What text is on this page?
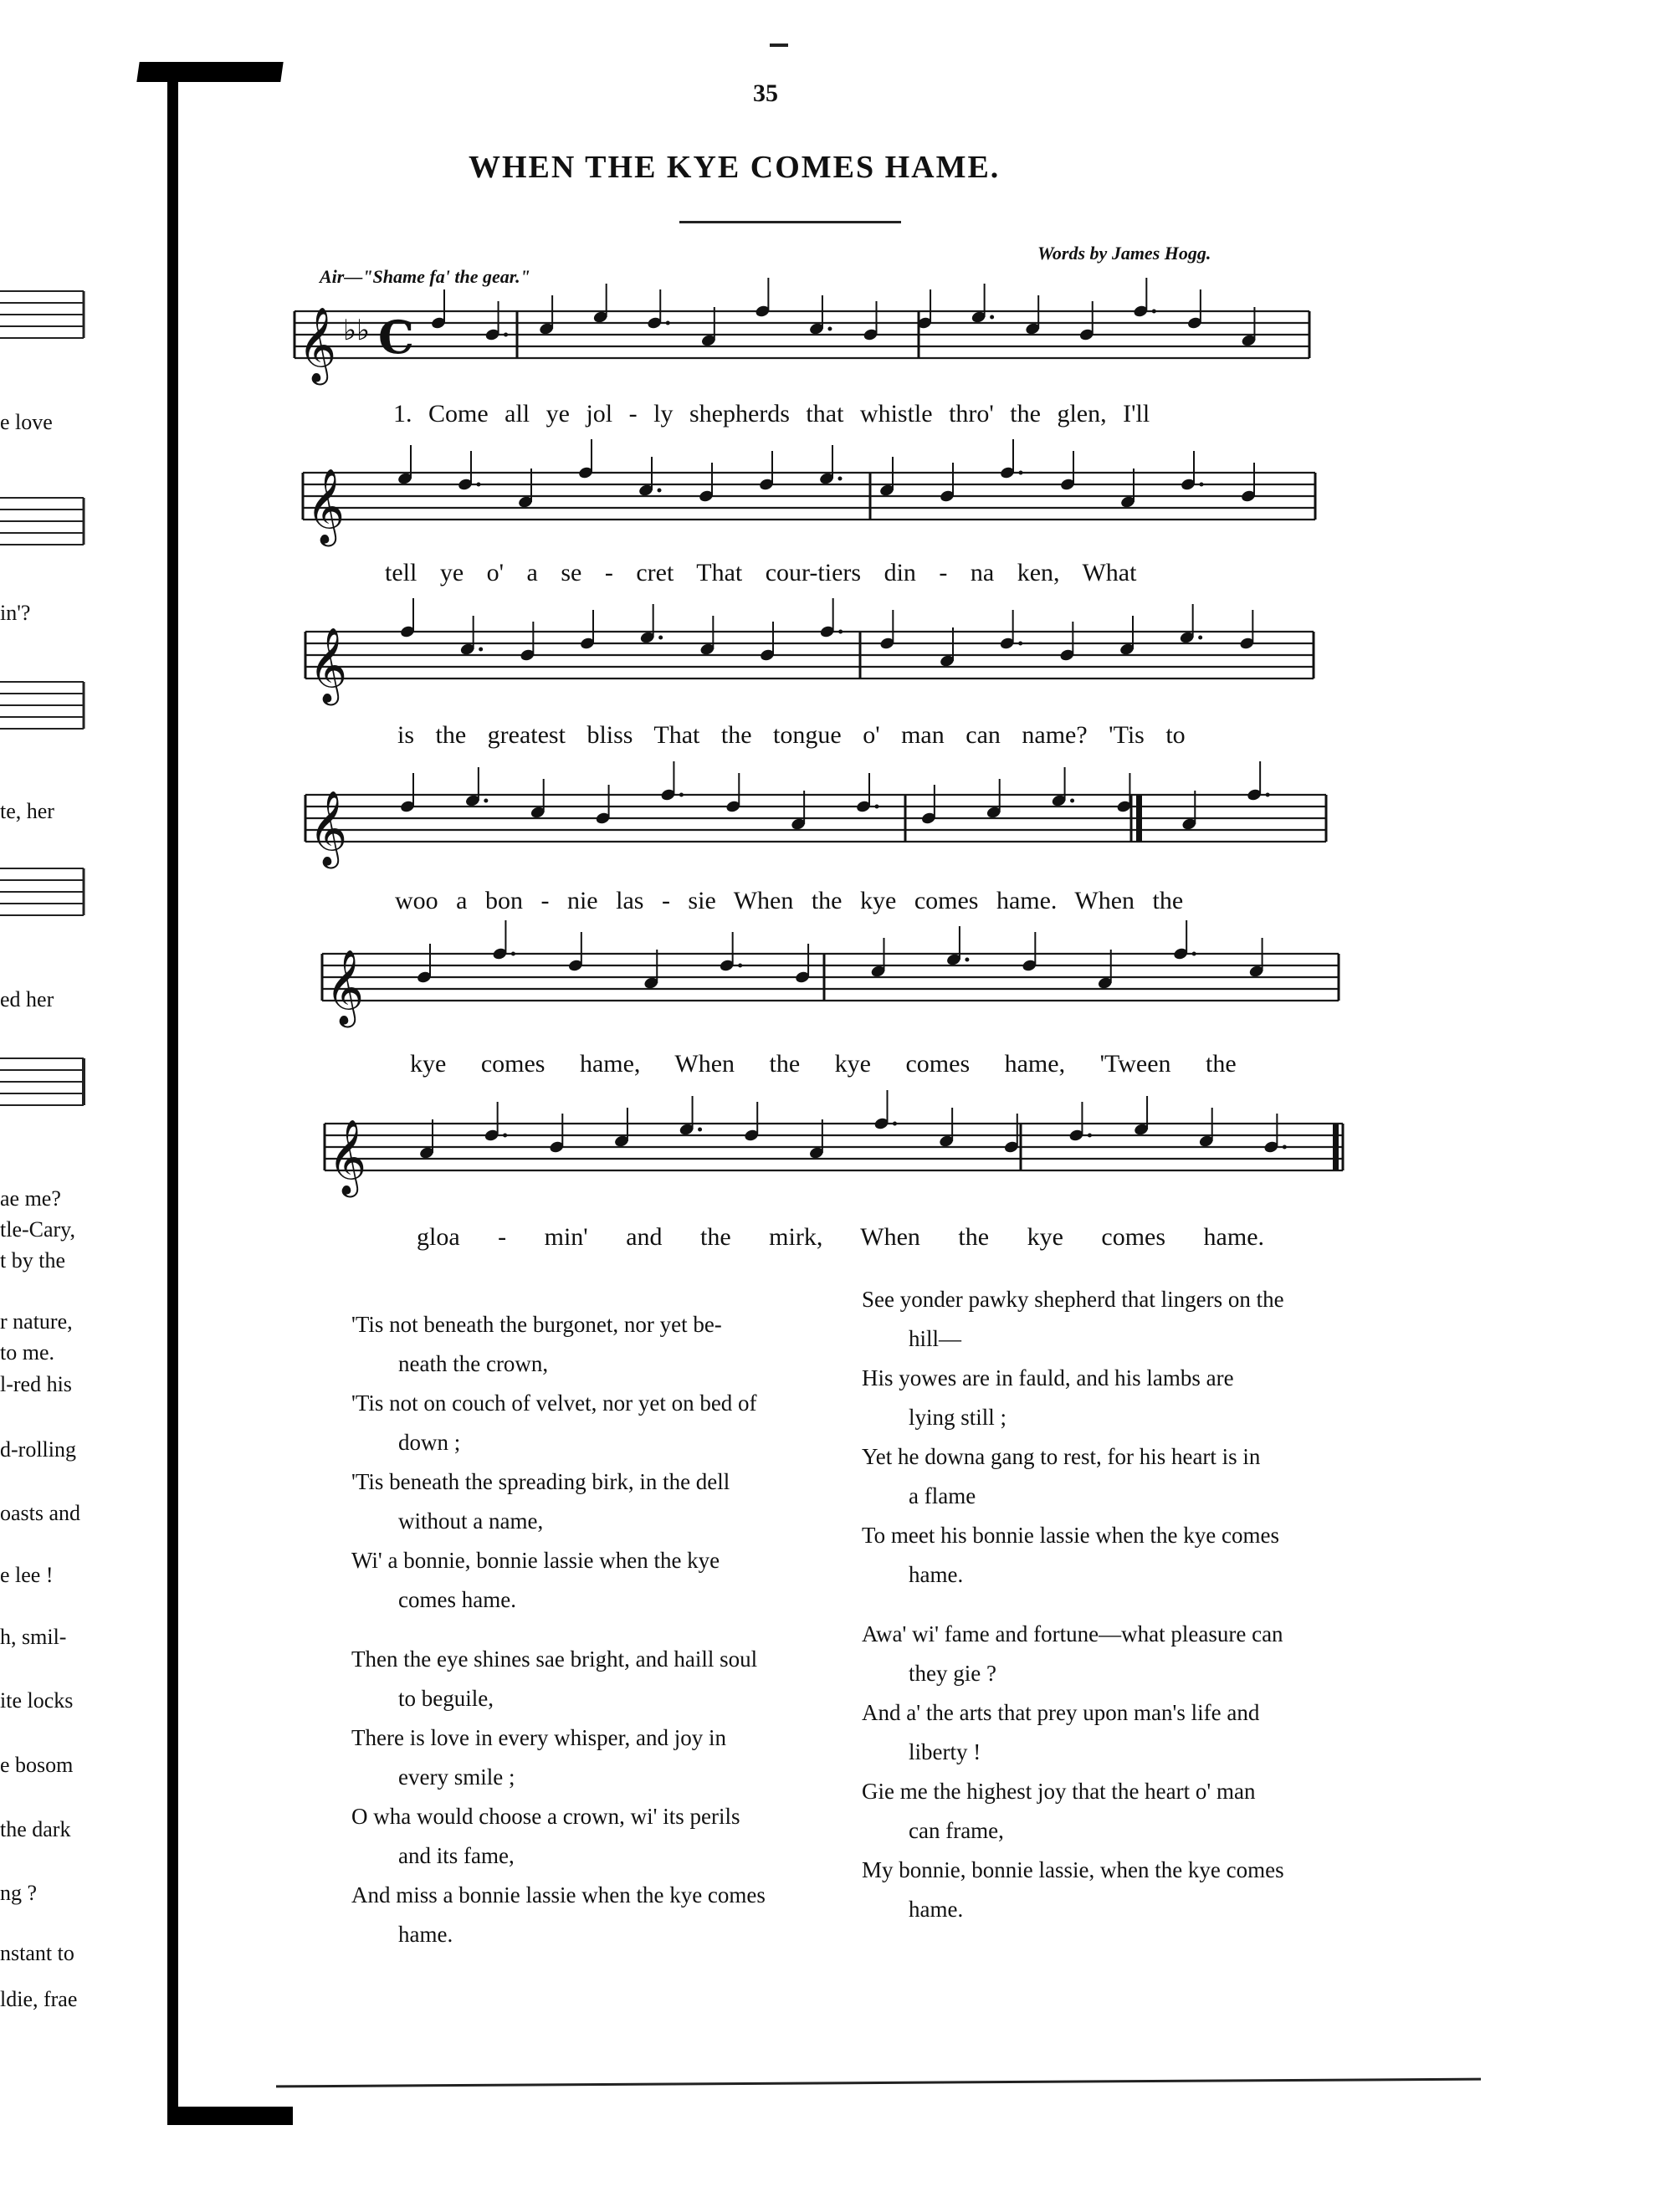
e love
in'?
te, her
ed her
ae me?
tle-Cary,
t by the
r nature,
to me.
l-red his
d-rolling
oasts and
e lee !
h, smil-
ite locks
e bosom
the dark
ng ?
nstant to
ldie, frae
35
WHEN THE KYE COMES HAME.
Air—"Shame fa' the gear."
Words by James Hogg.
𝄞 ♭♭ C
𝄞
𝄞
𝄞
𝄞
𝄞
1. Come all ye jol - ly shepherds that whistle thro' the glen, I'll
tell ye o' a se - cret That cour-tiers din - na ken, What
is the greatest bliss That the tongue o' man can name? 'Tis to
woo a bon - nie las - sie When the kye comes hame. When the
kye comes hame, When the kye comes hame, 'Tween the
gloa - min' and the mirk, When the kye comes hame.

'Tis not beneath the burgonet, nor yet be-

neath the crown,

'Tis not on couch of velvet, nor yet on bed of

down ;

'Tis beneath the spreading birk, in the dell

without a name,

Wi' a bonnie, bonnie lassie when the kye

comes hame.

Then the eye shines sae bright, and haill soul

to beguile,

There is love in every whisper, and joy in

every smile ;

O wha would choose a crown, wi' its perils

and its fame,

And miss a bonnie lassie when the kye comes

hame.

See yonder pawky shepherd that lingers on the

hill—

His yowes are in fauld, and his lambs are

lying still ;

Yet he downa gang to rest, for his heart is in

a flame

To meet his bonnie lassie when the kye comes

hame.

Awa' wi' fame and fortune—what pleasure can

they gie ?

And a' the arts that prey upon man's life and

liberty !

Gie me the highest joy that the heart o' man

can frame,

My bonnie, bonnie lassie, when the kye comes

hame.
